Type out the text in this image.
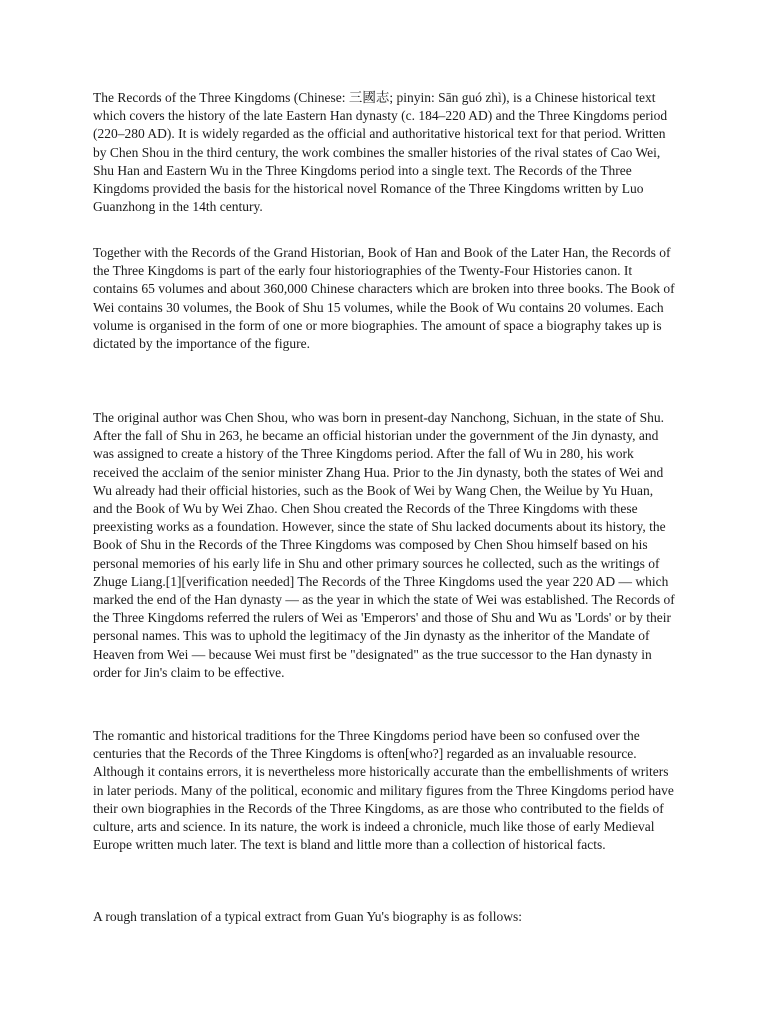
The Records of the Three Kingdoms (Chinese: 三國志; pinyin: Sān guó zhì), is a Chinese historical text which covers the history of the late Eastern Han dynasty (c. 184–220 AD) and the Three Kingdoms period (220–280 AD). It is widely regarded as the official and authoritative historical text for that period. Written by Chen Shou in the third century, the work combines the smaller histories of the rival states of Cao Wei, Shu Han and Eastern Wu in the Three Kingdoms period into a single text. The Records of the Three Kingdoms provided the basis for the historical novel Romance of the Three Kingdoms written by Luo Guanzhong in the 14th century.

Together with the Records of the Grand Historian, Book of Han and Book of the Later Han, the Records of the Three Kingdoms is part of the early four historiographies of the Twenty-Four Histories canon. It contains 65 volumes and about 360,000 Chinese characters which are broken into three books. The Book of Wei contains 30 volumes, the Book of Shu 15 volumes, while the Book of Wu contains 20 volumes. Each volume is organised in the form of one or more biographies. The amount of space a biography takes up is dictated by the importance of the figure.

The original author was Chen Shou, who was born in present-day Nanchong, Sichuan, in the state of Shu. After the fall of Shu in 263, he became an official historian under the government of the Jin dynasty, and was assigned to create a history of the Three Kingdoms period. After the fall of Wu in 280, his work received the acclaim of the senior minister Zhang Hua. Prior to the Jin dynasty, both the states of Wei and Wu already had their official histories, such as the Book of Wei by Wang Chen, the Weilue by Yu Huan, and the Book of Wu by Wei Zhao. Chen Shou created the Records of the Three Kingdoms with these preexisting works as a foundation. However, since the state of Shu lacked documents about its history, the Book of Shu in the Records of the Three Kingdoms was composed by Chen Shou himself based on his personal memories of his early life in Shu and other primary sources he collected, such as the writings of Zhuge Liang.[1][verification needed] The Records of the Three Kingdoms used the year 220 AD — which marked the end of the Han dynasty — as the year in which the state of Wei was established. The Records of the Three Kingdoms referred the rulers of Wei as 'Emperors' and those of Shu and Wu as 'Lords' or by their personal names. This was to uphold the legitimacy of the Jin dynasty as the inheritor of the Mandate of Heaven from Wei — because Wei must first be "designated" as the true successor to the Han dynasty in order for Jin's claim to be effective.

The romantic and historical traditions for the Three Kingdoms period have been so confused over the centuries that the Records of the Three Kingdoms is often[who?] regarded as an invaluable resource. Although it contains errors, it is nevertheless more historically accurate than the embellishments of writers in later periods. Many of the political, economic and military figures from the Three Kingdoms period have their own biographies in the Records of the Three Kingdoms, as are those who contributed to the fields of culture, arts and science. In its nature, the work is indeed a chronicle, much like those of early Medieval Europe written much later. The text is bland and little more than a collection of historical facts.

A rough translation of a typical extract from Guan Yu's biography is as follows:
